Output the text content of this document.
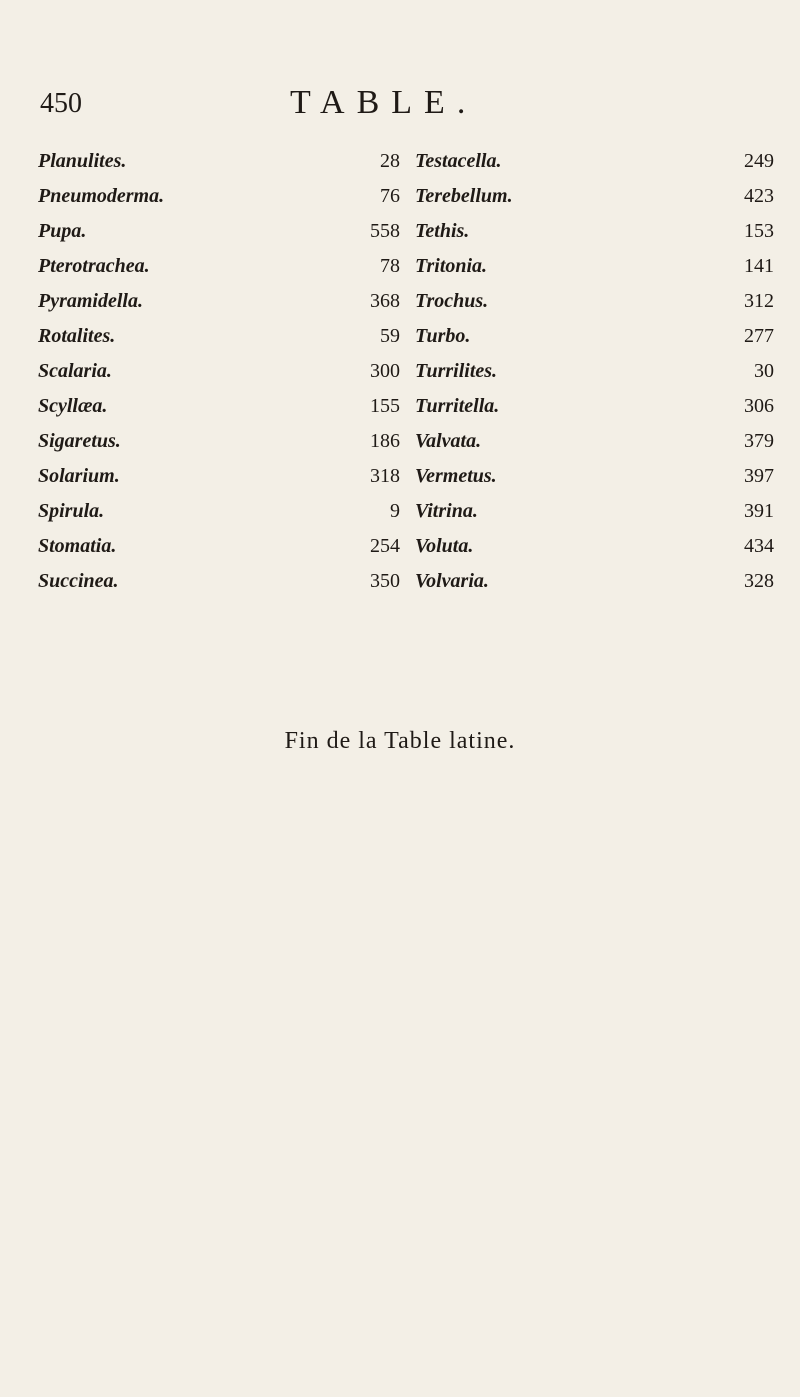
450	TABLE.
Planulites.	28 Testacella.	249
Pneumoderma.	76 Terebellum.	423
Pupa.	558 Tethis.	153
Pterotrachea.	78 Tritonia.	141
Pyramidella.	368 Trochus.	312
Rotalites.	59 Turbo.	277
Scalaria.	300 Turrilites.	30
Scyllæa.	155 Turritella.	306
Sigaretus.	186 Valvata.	379
Solarium.	318 Vermetus.	397
Spirula.	9 Vitrina.	391
Stomatia.	254 Voluta.	434
Succinea.	350 Volvaria.	328
Fin de la Table latine.
